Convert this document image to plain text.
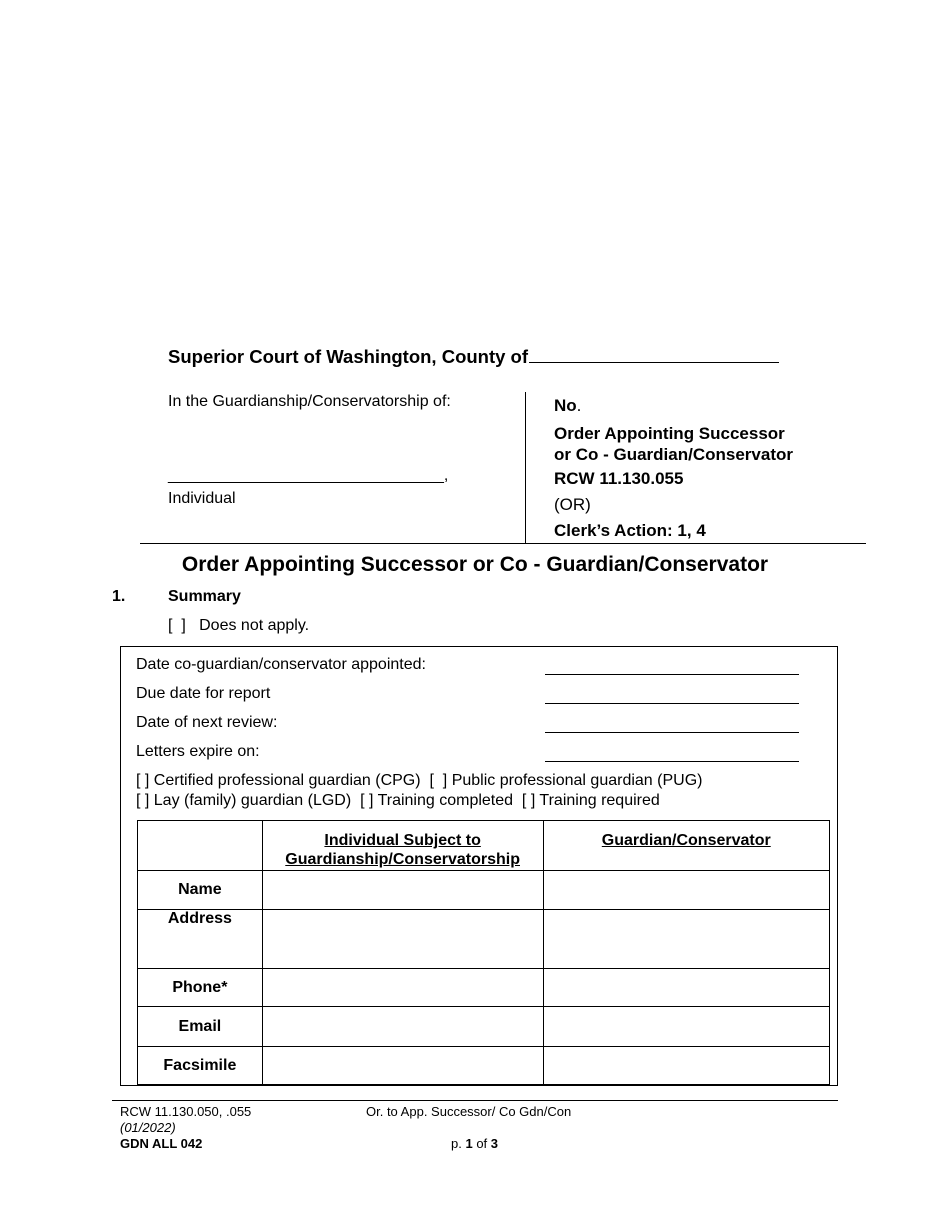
Superior Court of Washington, County of
In the Guardianship/Conservatorship of:
_______________________________,
Individual
No.
Order Appointing Successor
or Co - Guardian/Conservator
RCW 11.130.055
(OR)
Clerk’s Action: 1, 4
Order Appointing Successor or Co - Guardian/Conservator
1.	Summary
[  ]   Does not apply.
Date co-guardian/conservator appointed:
Due date for report
Date of next review:
Letters expire on:
[ ] Certified professional guardian (CPG)  [  ] Public professional guardian (PUG)
[ ] Lay (family) guardian (LGD)  [ ] Training completed  [ ] Training required

	Individual Subject to
Guardianship/Conservatorship	Guardian/Conservator
Name		
Address		
Phone*		
Email		
Facsimile		
RCW 11.130.050, .055
(01/2022)
GDN ALL 042
Or. to App. Successor/ Co Gdn/Con
p. 1 of 3
